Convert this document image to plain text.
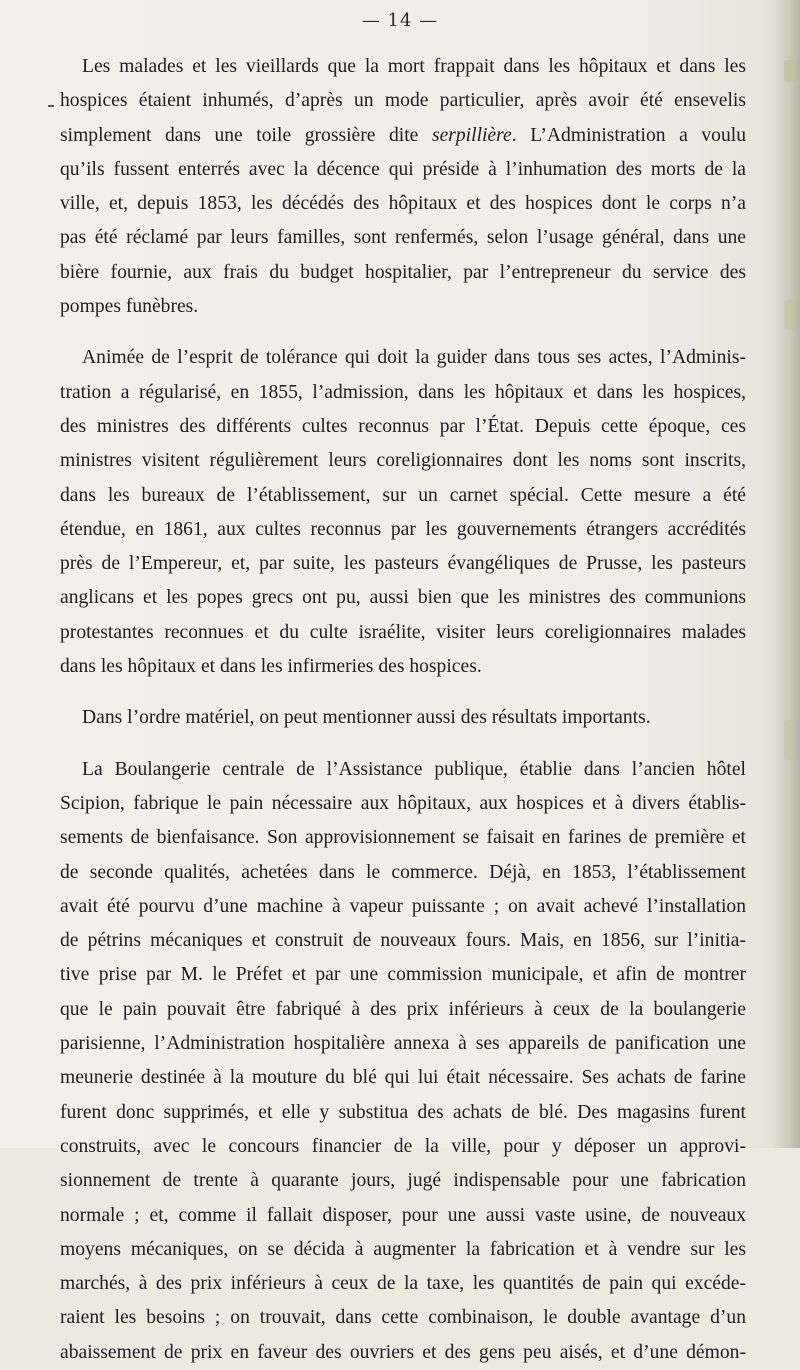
— 14 —

Les malades et les vieillards que la mort frappait dans les hôpitaux et dans les
hospices étaient inhumés, d’après un mode particulier, après avoir été ensevelis
simplement dans une toile grossière dite serpillière. L’Administration a voulu
qu’ils fussent enterrés avec la décence qui préside à l’inhumation des morts de la
ville, et, depuis 1853, les décédés des hôpitaux et des hospices dont le corps n’a
pas été réclamé par leurs familles, sont renfermés, selon l’usage général, dans une
bière fournie, aux frais du budget hospitalier, par l’entrepreneur du service des
pompes funèbres.

Animée de l’esprit de tolérance qui doit la guider dans tous ses actes, l’Adminis-
tration a régularisé, en 1855, l’admission, dans les hôpitaux et dans les hospices,
des ministres des différents cultes reconnus par l’État. Depuis cette époque, ces
ministres visitent régulièrement leurs coreligionnaires dont les noms sont inscrits,
dans les bureaux de l’établissement, sur un carnet spécial. Cette mesure a été
étendue, en 1861, aux cultes reconnus par les gouvernements étrangers accrédités
près de l’Empereur, et, par suite, les pasteurs évangéliques de Prusse, les pasteurs
anglicans et les popes grecs ont pu, aussi bien que les ministres des communions
protestantes reconnues et du culte israélite, visiter leurs coreligionnaires malades
dans les hôpitaux et dans les infirmeries des hospices.

Dans l’ordre matériel, on peut mentionner aussi des résultats importants.

La Boulangerie centrale de l’Assistance publique, établie dans l’ancien hôtel
Scipion, fabrique le pain nécessaire aux hôpitaux, aux hospices et à divers établis-
sements de bienfaisance. Son approvisionnement se faisait en farines de première et
de seconde qualités, achetées dans le commerce. Déjà, en 1853, l’établissement
avait été pourvu d’une machine à vapeur puissante ; on avait achevé l’installation
de pétrins mécaniques et construit de nouveaux fours. Mais, en 1856, sur l’initia-
tive prise par M. le Préfet et par une commission municipale, et afin de montrer
que le pain pouvait être fabriqué à des prix inférieurs à ceux de la boulangerie
parisienne, l’Administration hospitalière annexa à ses appareils de panification une
meunerie destinée à la mouture du blé qui lui était nécessaire. Ses achats de farine
furent donc supprimés, et elle y substitua des achats de blé. Des magasins furent
construits, avec le concours financier de la ville, pour y déposer un approvi-
sionnement de trente à quarante jours, jugé indispensable pour une fabrication
normale ; et, comme il fallait disposer, pour une aussi vaste usine, de nouveaux
moyens mécaniques, on se décida à augmenter la fabrication et à vendre sur les
marchés, à des prix inférieurs à ceux de la taxe, les quantités de pain qui excéde-
raient les besoins ; on trouvait, dans cette combinaison, le double avantage d’un
abaissement de prix en faveur des ouvriers et des gens peu aisés, et d’une démon-
